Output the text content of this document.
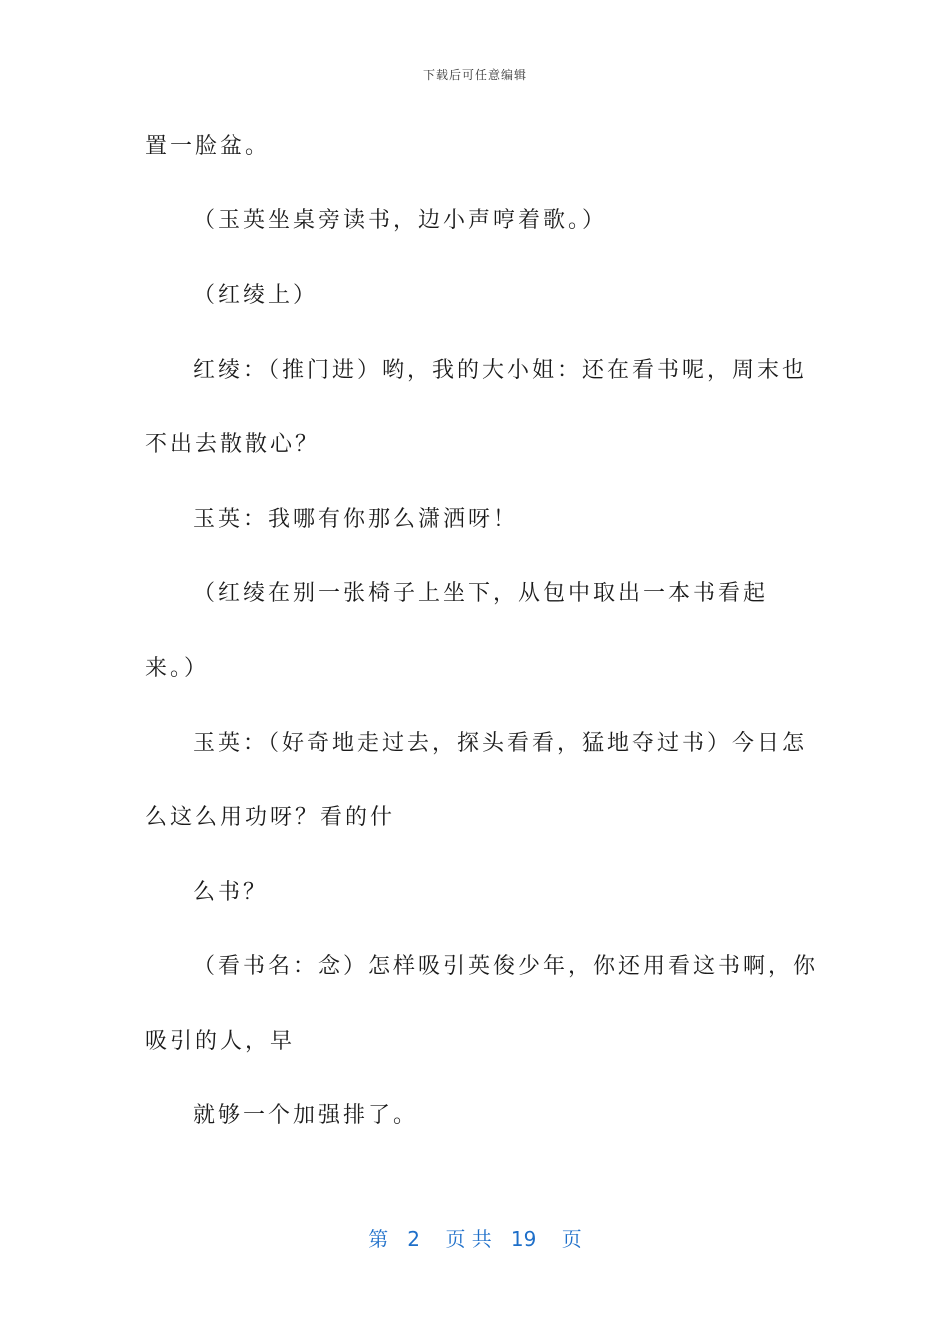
下载后可任意编辑
置一脸盆。
（玉英坐桌旁读书，边小声哼着歌。）
（红绫上）
红绫：（推门进）哟，我的大小姐：还在看书呢，周末也
不出去散散心？
玉英：我哪有你那么潇洒呀！
（红绫在别一张椅子上坐下，从包中取出一本书看起
来。）
玉英：（好奇地走过去，探头看看，猛地夺过书）今日怎
么这么用功呀？看的什
么书？
（看书名：念）怎样吸引英俊少年，你还用看这书啊，你
吸引的人，早
就够一个加强排了。
第 2 页 共 19 页
